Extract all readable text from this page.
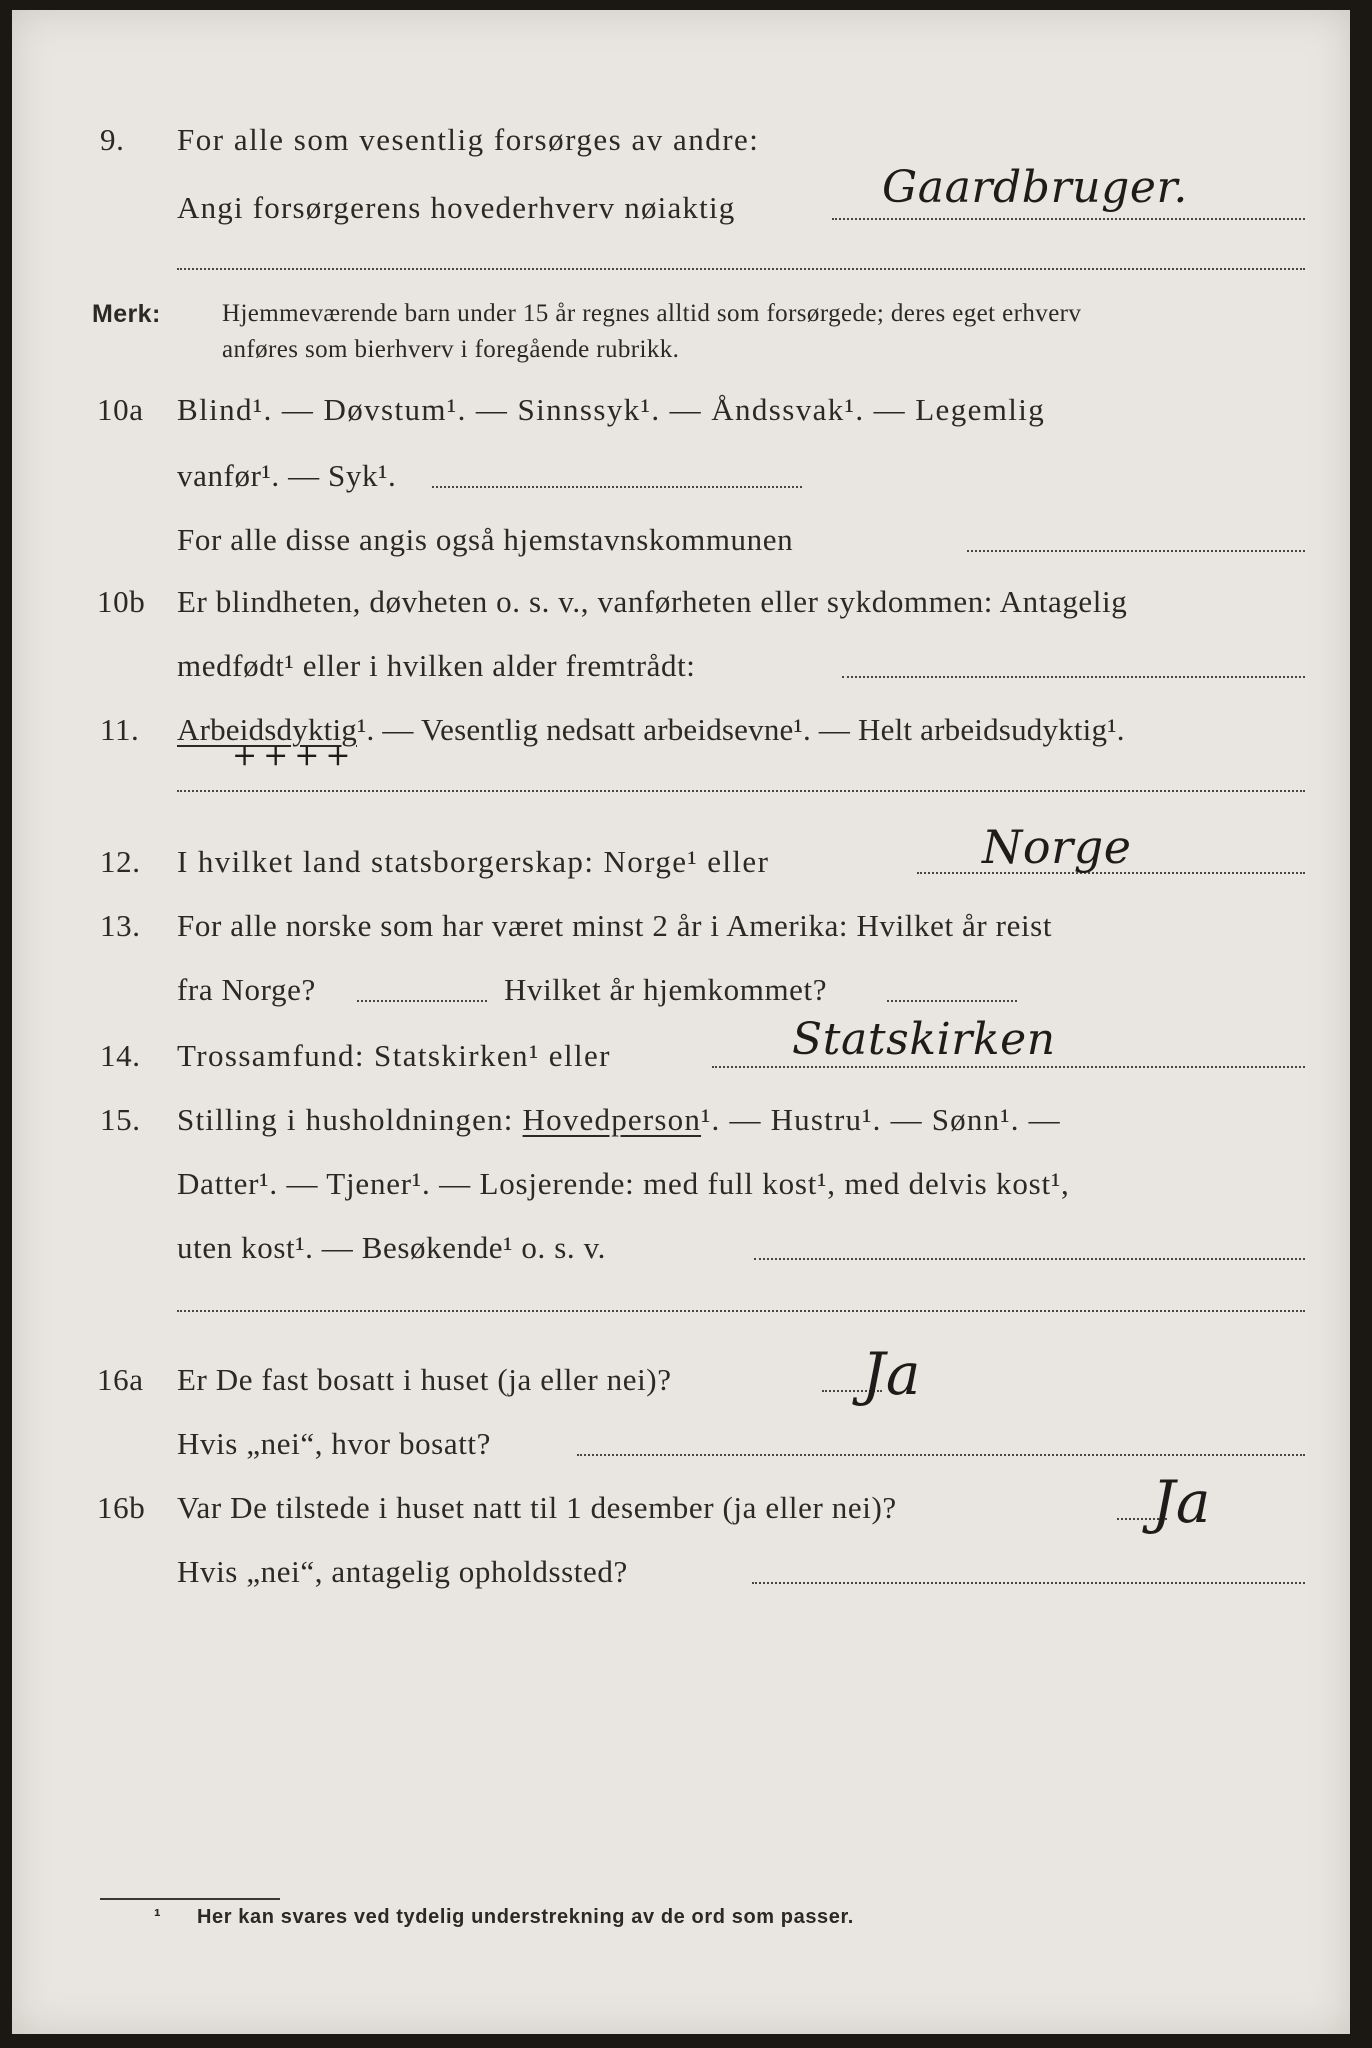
9. For alle som vesentlig forsørges av andre:
Angi forsørgerens hovederhverv nøiaktig	Gaardbruger.
Merk: Hjemmeværende barn under 15 år regnes alltid som forsørgede; deres eget erhverv
anføres som bierhverv i foregående rubrikk.
10a Blind¹. — Døvstum¹. — Sinnssyk¹. — Åndssvak¹. — Legemlig
vanfør¹. — Syk¹.
For alle disse angis også hjemstavnskommunen
10b Er blindheten, døvheten o. s. v., vanførheten eller sykdommen: Antagelig
medfødt¹ eller i hvilken alder fremtrådt:
11. Arbeidsdyktig¹. — Vesentlig nedsatt arbeidsevne¹. — Helt arbeidsudyktig¹.
++++
12. I hvilket land statsborgerskap: Norge¹ eller	Norge
13. For alle norske som har været minst 2 år i Amerika: Hvilket år reist
fra Norge?	Hvilket år hjemkommet?
14. Trossamfund: Statskirken¹ eller	Statskirken
15. Stilling i husholdningen: Hovedperson¹. — Hustru¹. — Sønn¹. —
Datter¹. — Tjener¹. — Losjerende: med full kost¹, med delvis kost¹,
uten kost¹. — Besøkende¹ o. s. v.
16a Er De fast bosatt i huset (ja eller nei)?	Ja
Hvis „nei“, hvor bosatt?
16b Var De tilstede i huset natt til 1 desember (ja eller nei)?	Ja
Hvis „nei“, antagelig opholdssted?
¹ Her kan svares ved tydelig understrekning av de ord som passer.
